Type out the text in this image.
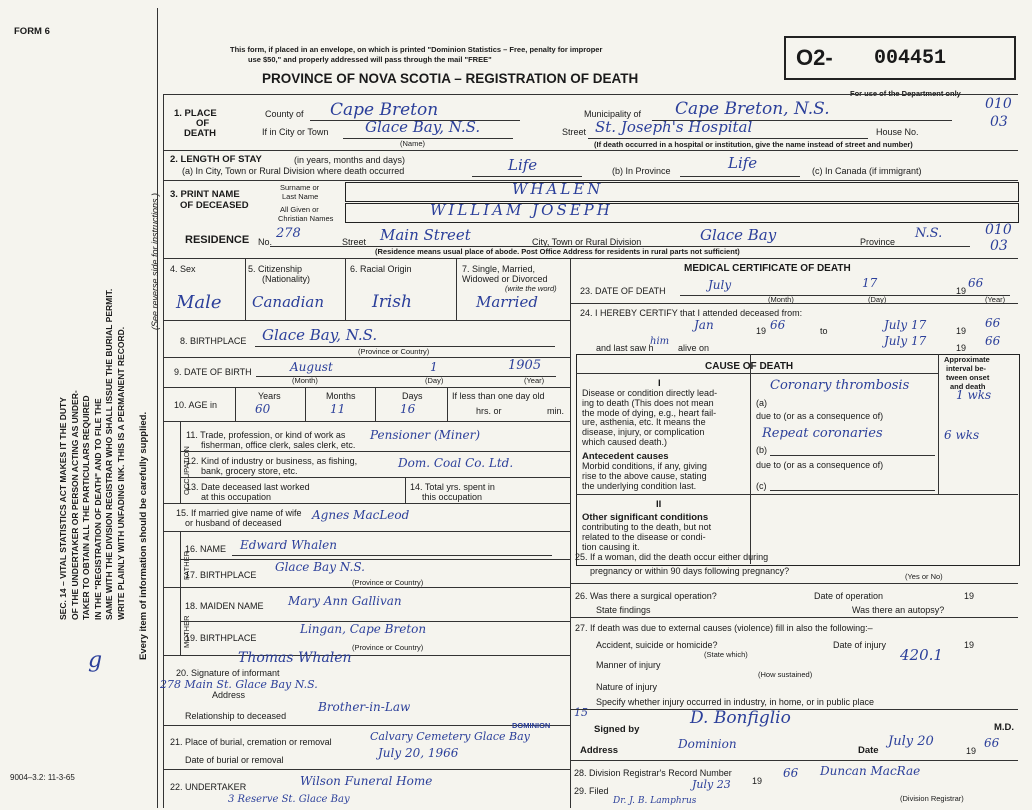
SEC. 14 – VITAL STATISTICS ACT MAKES IT THE DUTY OF THE UNDERTAKER OR PERSON ACTING AS UNDER- TAKER TO OBTAIN ALL THE PARTICULARS REQUIRED IN THE "REGISTRATION OF DEATH" AND TO FILE THE SAME WITH THE DIVISION REGISTRAR WHO SHALL ISSUE THE BURIAL PERMIT. WRITE PLAINLY WITH UNFADING INK. THIS IS A PERMANENT RECORD. Every item of information should be carefully supplied.
(See reverse side for instructions.)
g
FORM 6
9004–3.2: 11-3-65
This form, if placed in an envelope, on which is printed "Dominion Statistics – Free, penalty for improper
use $50," and properly addressed will pass through the mail "FREE"
PROVINCE OF NOVA SCOTIA – REGISTRATION OF DEATH
O2- 004451
For use of the Department only
1. PLACE
OF
DEATH
County of Cape Breton	Municipality of Cape Breton, N.S.	010
If in City or Town Glace Bay, N.S.
(Name)
Street St. Joseph's Hospital	House No.
03
(If death occurred in a hospital or institution, give the name instead of street and number)
2. LENGTH OF STAY	(in years, months and days)
(a) In City, Town or Rural Division where death occurred	Life	(b) In Province	Life	(c) In Canada (if immigrant)
3. PRINT NAME
OF DECEASED
Surname or
Last Name
All Given or
Christian Names
WHALEN
WILLIAM JOSEPH
RESIDENCE No.
278
Street Main Street	City, Town or Rural Division	Glace Bay	Province
N.S.	010
03
(Residence means usual place of abode. Post Office Address for residents in rural parts not sufficient)
4. Sex	5. Citizenship
(Nationality)
6. Racial Origin	7. Single, Married,
Widowed or Divorced
(write the word)
Male Canadian	Irish	Married
8. BIRTHPLACE Glace Bay, N.S.
(Province or Country)
9. DATE OF BIRTH	August	1	1905
(Month)	(Day)	(Year)
10. AGE in
Years	Months	Days
60	11	16
If less than one day old
hrs. or	min.
OCCUPATION
11. Trade, profession, or kind of work as
fisherman, office clerk, sales clerk, etc.
Pensioner (Miner)
12. Kind of industry or business, as fishing,
bank, grocery store, etc.
Dom. Coal Co. Ltd.
13. Date deceased last worked
at this occupation
14. Total yrs. spent in
this occupation
15. If married give name of wife
or husband of deceased
Agnes MacLeod
FATHER
16. NAME Edward Whalen
17. BIRTHPLACE
Glace Bay N.S.
(Province or Country)
MOTHER
18. MAIDEN NAME Mary Ann Gallivan
19. BIRTHPLACE
Lingan, Cape Breton
(Province or Country)
20. Signature of informant
Thomas Whalen
Address
278 Main St. Glace Bay N.S.
Relationship to deceased
Brother-in-Law
21. Place of burial, cremation or removal	Calvary Cemetery Glace Bay
DOMINION
Date of burial or removal	July 20, 1966
22. UNDERTAKER	Wilson Funeral Home
3 Reserve St. Glace Bay
MEDICAL CERTIFICATE OF DEATH
23. DATE OF DEATH	July	17
19
66
(Month)	(Day)	(Year)
24. I HEREBY CERTIFY that I attended deceased from:
Jan	19 66	to	July 17	19
66
and last saw h
him
alive on	July 17	19 66
CAUSE OF DEATH
Approximate
interval be-
tween onset
and death
I
Disease or condition directly lead-
ing to death (This does not mean
the mode of dying, e.g., heart fail-
ure, asthenia, etc. It means the
disease, injury, or complication
which caused death.)
(a)
Coronary thrombosis
1 wks
due to (or as a consequence of)
Repeat coronaries	6 wks
(b)
due to (or as a consequence of)
(c)
Antecedent causes
Morbid conditions, if any, giving
rise to the above cause, stating
the underlying condition last.
II
Other significant conditions
contributing to the death, but not
related to the disease or condi-
tion causing it.
25. If a woman, did the death occur either during
pregnancy or within 90 days following pregnancy?
(Yes or No)
26. Was there a surgical operation?	Date of operation	19
State findings	Was there an autopsy?
27. If death was due to external causes (violence) fill in also the following:–
Accident, suicide or homicide?	Date of injury	19
(State which)	420.1
Manner of injury
(How sustained)
Nature of injury
Specify whether injury occurred in industry, in home, or in public place
15
Signed by
D. Bonfiglio	M.D.
Address	Dominion	Date
July 20
19
66
28. Division Registrar's Record Number
19
66 Duncan MacRae
29. Filed	July 23
Dr. J. B. Lamphrus	(Division Registrar)
